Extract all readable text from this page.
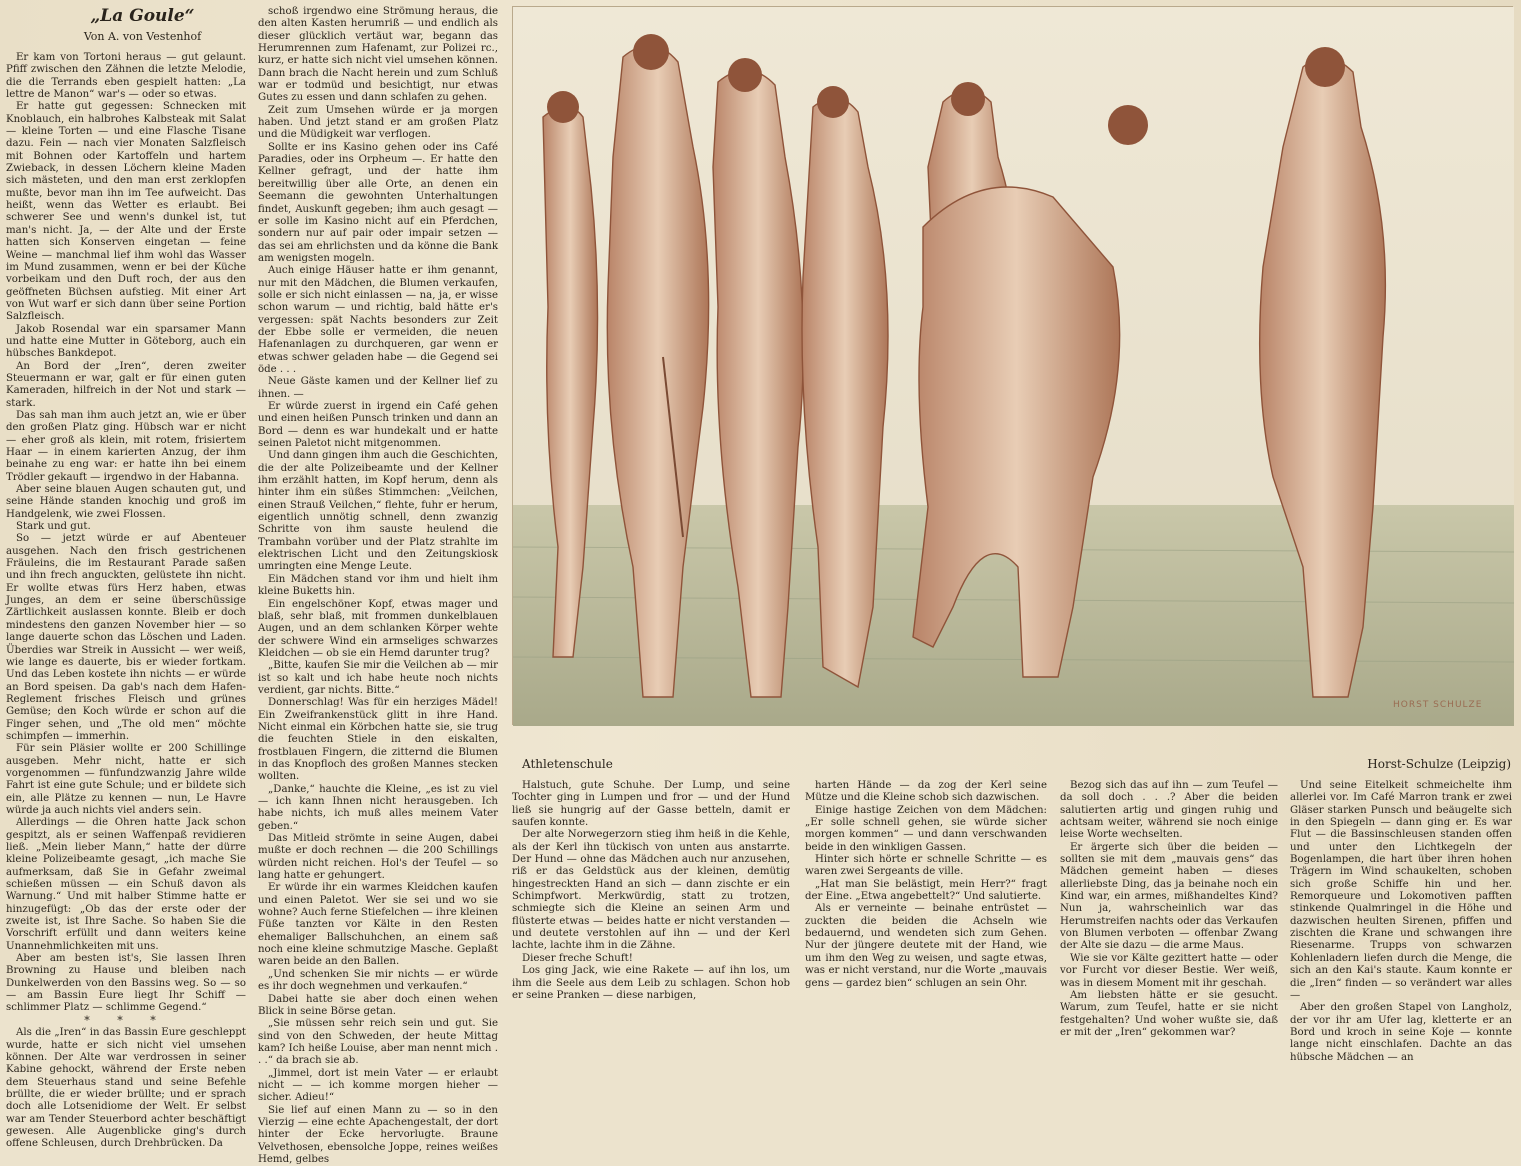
„La Goule“
Von A. von Vestenhof

Er kam von Tortoni heraus — gut gelaunt. Pfiff zwischen den Zähnen die letzte Melodie, die die Terrands eben gespielt hatten: „La lettre de Manon“ war's — oder so etwas.

Er hatte gut gegessen: Schnecken mit Knoblauch, ein halbrohes Kalbsteak mit Salat — kleine Torten — und eine Flasche Tisane dazu. Fein — nach vier Monaten Salzfleisch mit Bohnen oder Kartoffeln und hartem Zwieback, in dessen Löchern kleine Maden sich mästeten, und den man erst zerklopfen mußte, bevor man ihn im Tee aufweicht. Das heißt, wenn das Wetter es erlaubt. Bei schwerer See und wenn's dunkel ist, tut man's nicht. Ja, — der Alte und der Erste hatten sich Konserven eingetan — feine Weine — manchmal lief ihm wohl das Wasser im Mund zusammen, wenn er bei der Küche vorbeikam und den Duft roch, der aus den geöffneten Büchsen aufstieg. Mit einer Art von Wut warf er sich dann über seine Portion Salzfleisch.

Jakob Rosendal war ein sparsamer Mann und hatte eine Mutter in Göteborg, auch ein hübsches Bankdepot.

An Bord der „Iren“, deren zweiter Steuermann er war, galt er für einen guten Kameraden, hilfreich in der Not und stark — stark.

Das sah man ihm auch jetzt an, wie er über den großen Platz ging. Hübsch war er nicht — eher groß als klein, mit rotem, frisiertem Haar — in einem karierten Anzug, der ihm beinahe zu eng war: er hatte ihn bei einem Trödler gekauft — irgendwo in der Habanna.

Aber seine blauen Augen schauten gut, und seine Hände standen knochig und groß im Handgelenk, wie zwei Flossen.

Stark und gut.

So — jetzt würde er auf Abenteuer ausgehen. Nach den frisch gestrichenen Fräuleins, die im Restaurant Parade saßen und ihn frech anguckten, gelüstete ihn nicht. Er wollte etwas fürs Herz haben, etwas Junges, an dem er seine überschüssige Zärtlichkeit auslassen konnte. Bleib er doch mindestens den ganzen November hier — so lange dauerte schon das Löschen und Laden. Überdies war Streik in Aussicht — wer weiß, wie lange es dauerte, bis er wieder fortkam. Und das Leben kostete ihn nichts — er würde an Bord speisen. Da gab's nach dem Hafen-Reglement frisches Fleisch und grünes Gemüse; den Koch würde er schon auf die Finger sehen, und „The old men“ möchte schimpfen — immerhin.

Für sein Pläsier wollte er 200 Schillinge ausgeben. Mehr nicht, hatte er sich vorgenommen — fünfundzwanzig Jahre wilde Fahrt ist eine gute Schule; und er bildete sich ein, alle Plätze zu kennen — nun, Le Havre würde ja auch nichts viel anders sein.

Allerdings — die Ohren hatte Jack schon gespitzt, als er seinen Waffenpaß revidieren ließ. „Mein lieber Mann,“ hatte der dürre kleine Polizeibeamte gesagt, „ich mache Sie aufmerksam, daß Sie in Gefahr zweimal schießen müssen — ein Schuß davon als Warnung.“ Und mit halber Stimme hatte er hinzugefügt: „Ob das der erste oder der zweite ist, ist Ihre Sache. So haben Sie die Vorschrift erfüllt und dann weiters keine Unannehmlichkeiten mit uns.

Aber am besten ist's, Sie lassen Ihren Browning zu Hause und bleiben nach Dunkelwerden von den Bassins weg. So — so — am Bassin Eure liegt Ihr Schiff — schlimmer Platz — schlimme Gegend.“

* * *

Als die „Iren“ in das Bassin Eure geschleppt wurde, hatte er sich nicht viel umsehen können. Der Alte war verdrossen in seiner Kabine gehockt, während der Erste neben dem Steuerhaus stand und seine Befehle brüllte, die er wieder brüllte; und er sprach doch alle Lotsenidiome der Welt. Er selbst war am Tender Steuerbord achter beschäftigt gewesen. Alle Augenblicke ging's durch offene Schleusen, durch Drehbrücken. Da

schoß irgendwo eine Strömung heraus, die den alten Kasten herumriß — und endlich als dieser glücklich vertäut war, begann das Herumrennen zum Hafenamt, zur Polizei rc., kurz, er hatte sich nicht viel umsehen können. Dann brach die Nacht herein und zum Schluß war er todmüd und besichtigt, nur etwas Gutes zu essen und dann schlafen zu gehen.

Zeit zum Umsehen würde er ja morgen haben. Und jetzt stand er am großen Platz und die Müdigkeit war verflogen.

Sollte er ins Kasino gehen oder ins Café Paradies, oder ins Orpheum —. Er hatte den Kellner gefragt, und der hatte ihm bereitwillig über alle Orte, an denen ein Seemann die gewohnten Unterhaltungen findet, Auskunft gegeben; ihm auch gesagt — er solle im Kasino nicht auf ein Pferdchen, sondern nur auf pair oder impair setzen — das sei am ehrlichsten und da könne die Bank am wenigsten mogeln.

Auch einige Häuser hatte er ihm genannt, nur mit den Mädchen, die Blumen verkaufen, solle er sich nicht einlassen — na, ja, er wisse schon warum — und richtig, bald hätte er's vergessen: spät Nachts besonders zur Zeit der Ebbe solle er vermeiden, die neuen Hafenanlagen zu durchqueren, gar wenn er etwas schwer geladen habe — die Gegend sei öde . . .

Neue Gäste kamen und der Kellner lief zu ihnen. —

Er würde zuerst in irgend ein Café gehen und einen heißen Punsch trinken und dann an Bord — denn es war hundekalt und er hatte seinen Paletot nicht mitgenommen.

Und dann gingen ihm auch die Geschichten, die der alte Polizeibeamte und der Kellner ihm erzählt hatten, im Kopf herum, denn als hinter ihm ein süßes Stimmchen: „Veilchen, einen Strauß Veilchen,“ flehte, fuhr er herum, eigentlich unnötig schnell, denn zwanzig Schritte von ihm sauste heulend die Trambahn vorüber und der Platz strahlte im elektrischen Licht und den Zeitungskiosk umringten eine Menge Leute.

Ein Mädchen stand vor ihm und hielt ihm kleine Buketts hin.

Ein engelschöner Kopf, etwas mager und blaß, sehr blaß, mit frommen dunkelblauen Augen, und an dem schlanken Körper wehte der schwere Wind ein armseliges schwarzes Kleidchen — ob sie ein Hemd darunter trug?

„Bitte, kaufen Sie mir die Veilchen ab — mir ist so kalt und ich habe heute noch nichts verdient, gar nichts. Bitte.“

Donnerschlag! Was für ein herziges Mädel! Ein Zweifrankenstück glitt in ihre Hand. Nicht einmal ein Körbchen hatte sie, sie trug die feuchten Stiele in den eiskalten, frostblauen Fingern, die zitternd die Blumen in das Knopfloch des großen Mannes stecken wollten.

„Danke,“ hauchte die Kleine, „es ist zu viel — ich kann Ihnen nicht herausgeben. Ich habe nichts, ich muß alles meinem Vater geben.“

Das Mitleid strömte in seine Augen, dabei mußte er doch rechnen — die 200 Schillings würden nicht reichen. Hol's der Teufel — so lang hatte er gehungert.

Er würde ihr ein warmes Kleidchen kaufen und einen Paletot. Wer sie sei und wo sie wohne? Auch ferne Stiefelchen — ihre kleinen Füße tanzten vor Kälte in den Resten ehemaliger Ballschuhchen, an einem saß noch eine kleine schmutzige Masche. Geplaßt waren beide an den Ballen.

„Und schenken Sie mir nichts — er würde es ihr doch wegnehmen und verkaufen.“

Dabei hatte sie aber doch einen wehen Blick in seine Börse getan.

„Sie müssen sehr reich sein und gut. Sie sind von den Schweden, der heute Mittag kam? Ich heiße Louise, aber man nennt mich . . .“ da brach sie ab.

„Jimmel, dort ist mein Vater — er erlaubt nicht — — ich komme morgen hieher — sicher. Adieu!“

Sie lief auf einen Mann zu — so in den Vierzig — eine echte Apachengestalt, der dort hinter der Ecke hervorlugte. Braune Velvethosen, ebensolche Joppe, reines weißes Hemd, gelbes

HORST SCHULZE
Athletenschule	Horst-Schulze (Leipzig)

Halstuch, gute Schuhe. Der Lump, und seine Tochter ging in Lumpen und fror — und der Hund ließ sie hungrig auf der Gasse betteln, damit er saufen konnte.

Der alte Norwegerzorn stieg ihm heiß in die Kehle, als der Kerl ihn tückisch von unten aus anstarrte. Der Hund — ohne das Mädchen auch nur anzusehen, riß er das Geldstück aus der kleinen, demütig hingestreckten Hand an sich — dann zischte er ein Schimpfwort. Merkwürdig, statt zu trotzen, schmiegte sich die Kleine an seinen Arm und flüsterte etwas — beides hatte er nicht verstanden — und deutete verstohlen auf ihn — und der Kerl lachte, lachte ihm in die Zähne.

Dieser freche Schuft!

Los ging Jack, wie eine Rakete — auf ihn los, um ihm die Seele aus dem Leib zu schlagen. Schon hob er seine Pranken — diese narbigen,

harten Hände — da zog der Kerl seine Mütze und die Kleine schob sich dazwischen.

Einige hastige Zeichen von dem Mädchen: „Er solle schnell gehen, sie würde sicher morgen kommen“ — und dann verschwanden beide in den winkligen Gassen.

Hinter sich hörte er schnelle Schritte — es waren zwei Sergeants de ville.

„Hat man Sie belästigt, mein Herr?“ fragt der Eine. „Etwa angebettelt?“ Und salutierte.

Als er verneinte — beinahe entrüstet — zuckten die beiden die Achseln wie bedauernd, und wendeten sich zum Gehen. Nur der jüngere deutete mit der Hand, wie um ihm den Weg zu weisen, und sagte etwas, was er nicht verstand, nur die Worte „mauvais gens — gardez bien“ schlugen an sein Ohr.

Bezog sich das auf ihn — zum Teufel — da soll doch . . .? Aber die beiden salutierten artig und gingen ruhig und achtsam weiter, während sie noch einige leise Worte wechselten.

Er ärgerte sich über die beiden — sollten sie mit dem „mauvais gens“ das Mädchen gemeint haben — dieses allerliebste Ding, das ja beinahe noch ein Kind war, ein armes, mißhandeltes Kind? Nun ja, wahrscheinlich war das Herumstreifen nachts oder das Verkaufen von Blumen verboten — offenbar Zwang der Alte sie dazu — die arme Maus.

Wie sie vor Kälte gezittert hatte — oder vor Furcht vor dieser Bestie. Wer weiß, was in diesem Moment mit ihr geschah.

Am liebsten hätte er sie gesucht. Warum, zum Teufel, hatte er sie nicht festgehalten? Und woher wußte sie, daß er mit der „Iren“ gekommen war?

Und seine Eitelkeit schmeichelte ihm allerlei vor. Im Café Marron trank er zwei Gläser starken Punsch und beäugelte sich in den Spiegeln — dann ging er. Es war Flut — die Bassinschleusen standen offen und unter den Lichtkegeln der Bogenlampen, die hart über ihren hohen Trägern im Wind schaukelten, schoben sich große Schiffe hin und her. Remorqueure und Lokomotiven pafften stinkende Qualmringel in die Höhe und dazwischen heulten Sirenen, pfiffen und zischten die Krane und schwangen ihre Riesenarme. Trupps von schwarzen Kohlenladern liefen durch die Menge, die sich an den Kai's staute. Kaum konnte er die „Iren“ finden — so verändert war alles —

Aber den großen Stapel von Langholz, der vor ihr am Ufer lag, kletterte er an Bord und kroch in seine Koje — konnte lange nicht einschlafen. Dachte an das hübsche Mädchen — an
